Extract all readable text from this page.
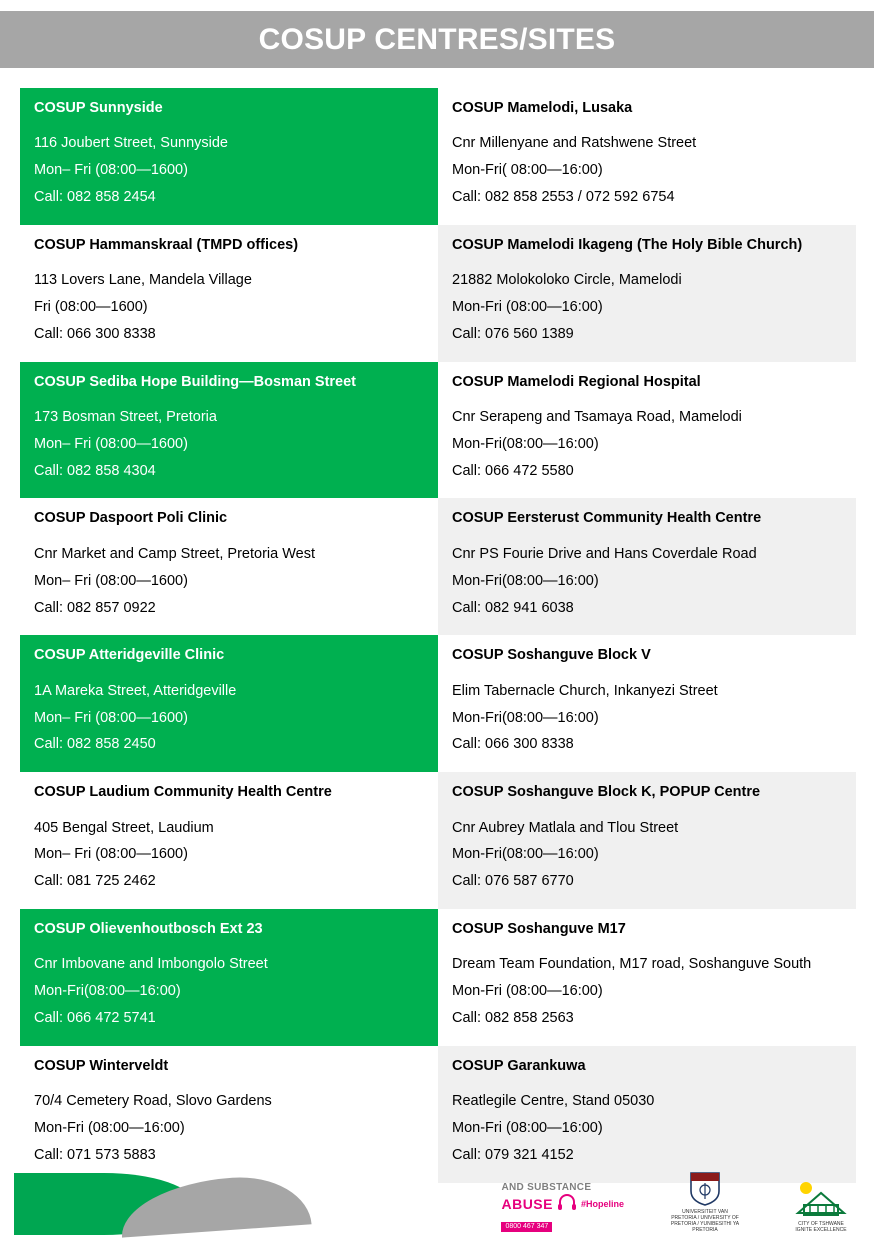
COSUP CENTRES/SITES
COSUP Sunnyside
116 Joubert Street, Sunnyside
Mon– Fri (08:00—1600)
Call: 082 858 2454
COSUP Mamelodi, Lusaka
Cnr Millenyane and Ratshwene Street
Mon-Fri( 08:00—16:00)
Call: 082 858 2553 / 072 592 6754
COSUP Hammanskraal (TMPD offices)
113 Lovers Lane, Mandela Village
Fri (08:00—1600)
Call: 066 300 8338
COSUP Mamelodi Ikageng (The Holy Bible Church)
21882 Molokoloko Circle, Mamelodi
Mon-Fri (08:00—16:00)
Call: 076 560 1389
COSUP Sediba Hope Building—Bosman Street
173 Bosman Street, Pretoria
Mon– Fri (08:00—1600)
Call: 082 858 4304
COSUP Mamelodi Regional Hospital
Cnr Serapeng and Tsamaya Road, Mamelodi
Mon-Fri(08:00—16:00)
Call: 066 472 5580
COSUP Daspoort Poli Clinic
Cnr Market and Camp Street, Pretoria West
Mon– Fri (08:00—1600)
Call: 082 857 0922
COSUP Eersterust Community Health Centre
Cnr PS Fourie Drive and Hans Coverdale Road
Mon-Fri(08:00—16:00)
Call: 082 941 6038
COSUP Atteridgeville Clinic
1A Mareka Street, Atteridgeville
Mon– Fri (08:00—1600)
Call: 082 858 2450
COSUP Soshanguve Block V
Elim Tabernacle Church, Inkanyezi Street
Mon-Fri(08:00—16:00)
Call: 066 300 8338
COSUP Laudium Community Health Centre
405 Bengal Street, Laudium
Mon– Fri (08:00—1600)
Call: 081 725 2462
COSUP Soshanguve Block K, POPUP Centre
Cnr Aubrey Matlala and Tlou Street
Mon-Fri(08:00—16:00)
Call: 076 587 6770
COSUP Olievenhoutbosch Ext 23
Cnr Imbovane and Imbongolo Street
Mon-Fri(08:00—16:00)
Call: 066 472 5741
COSUP Soshanguve M17
Dream Team Foundation, M17 road, Soshanguve South
Mon-Fri (08:00—16:00)
Call: 082 858 2563
COSUP Winterveldt
70/4 Cemetery Road, Slovo Gardens
Mon-Fri (08:00—16:00)
Call: 071 573 5883
COSUP Garankuwa
Reatlegile Centre, Stand 05030
Mon-Fri (08:00—16:00)
Call: 079 321 4152
AND SUBSTANCE
ABUSE	#Hopeline
0800 467 347
UNIVERSITEIT VAN PRETORIA / UNIVERSITY OF PRETORIA / YUNIBESITHI YA PRETORIA
CITY OF TSHWANE
IGNITE EXCELLENCE
